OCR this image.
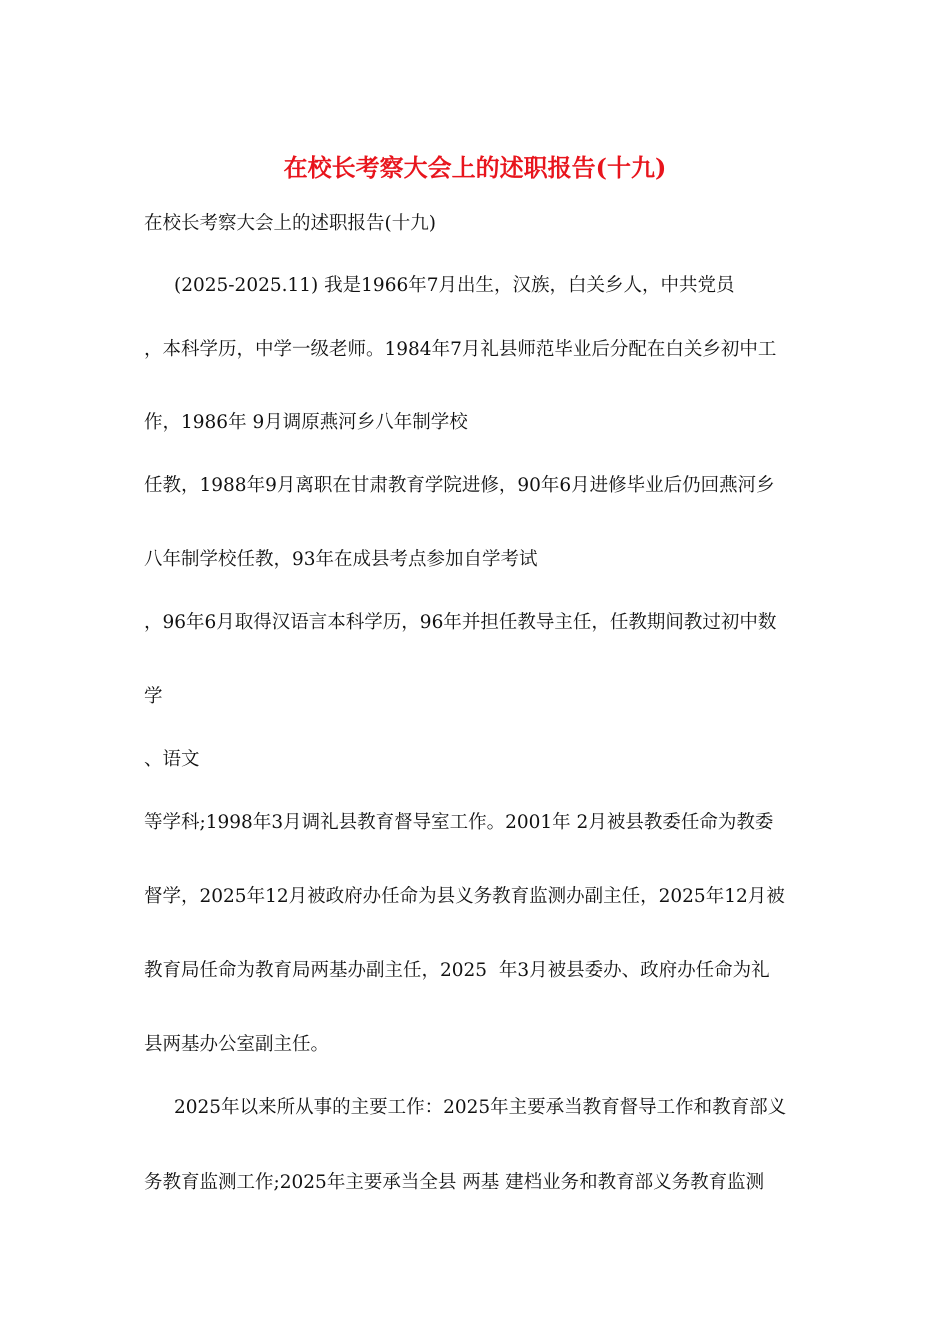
在校长考察大会上的述职报告(十九)

在校长考察大会上的述职报告(十九)

(2025-2025.11) 我是1966年7月出生，汉族，白关乡人，中共党员

，本科学历，中学一级老师。1984年7月礼县师范毕业后分配在白关乡初中工

作，1986年 9月调原燕河乡八年制学校

任教，1988年9月离职在甘肃教育学院进修，90年6月进修毕业后仍回燕河乡

八年制学校任教，93年在成县考点参加自学考试

，96年6月取得汉语言本科学历，96年并担任教导主任，任教期间教过初中数

学

、语文

等学科;1998年3月调礼县教育督导室工作。2001年 2月被县教委任命为教委

督学，2025年12月被政府办任命为县义务教育监测办副主任，2025年12月被

教育局任命为教育局两基办副主任，2025  年3月被县委办、政府办任命为礼

县两基办公室副主任。

2025年以来所从事的主要工作：2025年主要承当教育督导工作和教育部义

务教育监测工作;2025年主要承当全县 两基 建档业务和教育部义务教育监测
